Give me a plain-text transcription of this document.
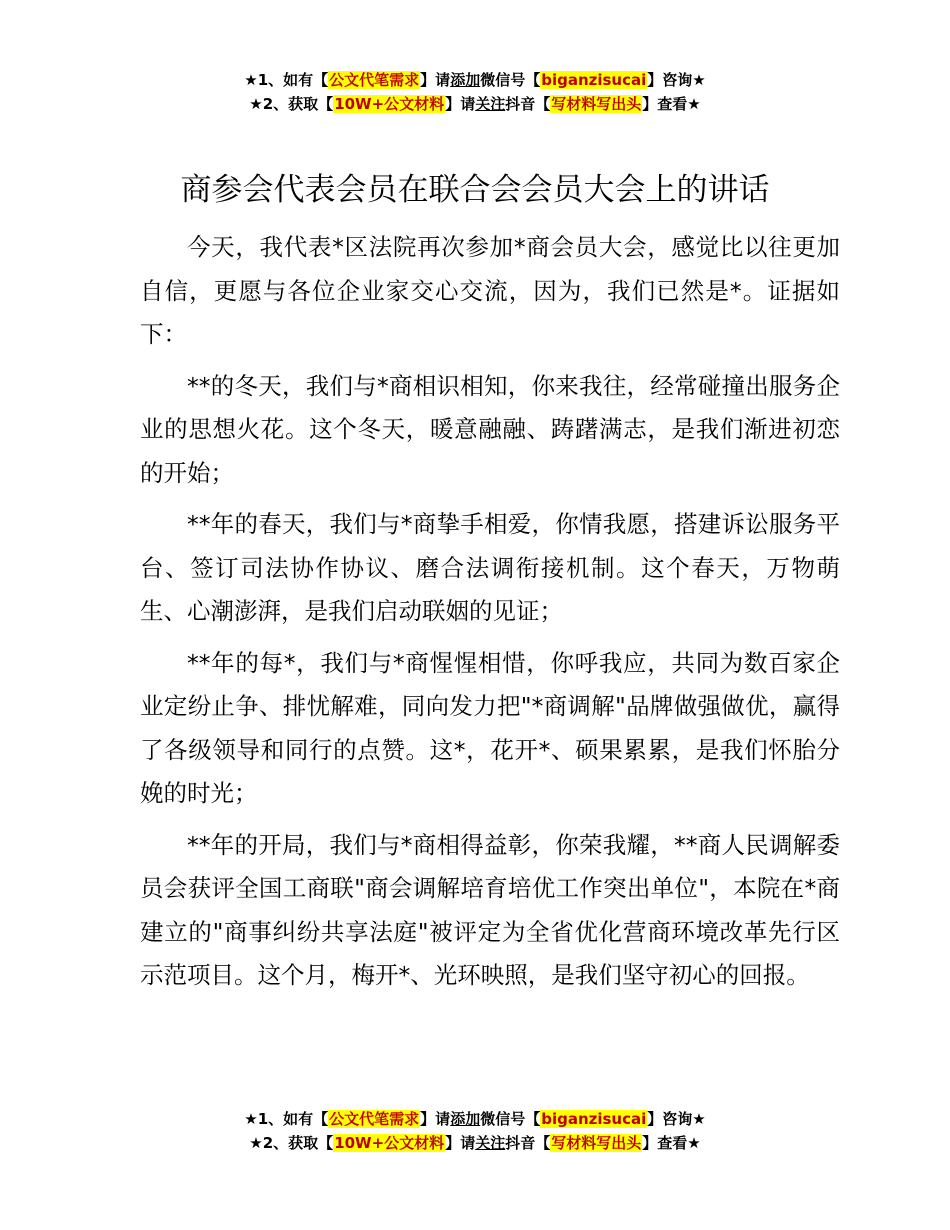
★1、如有【公文代笔需求】请添加微信号【biganzisucai】咨询★
★2、获取【10W+公文材料】请关注抖音【写材料写出头】查看★
商参会代表会员在联合会会员大会上的讲话

今天，我代表*区法院再次参加*商会员大会，感觉比以往更加自信，更愿与各位企业家交心交流，因为，我们已然是*。证据如下：

**的冬天，我们与*商相识相知，你来我往，经常碰撞出服务企业的思想火花。这个冬天，暖意融融、踌躇满志，是我们渐进初恋的开始；

**年的春天，我们与*商挚手相爱，你情我愿，搭建诉讼服务平台、签订司法协作协议、磨合法调衔接机制。这个春天，万物萌生、心潮澎湃，是我们启动联姻的见证；

**年的每*，我们与*商惺惺相惜，你呼我应，共同为数百家企业定纷止争、排忧解难，同向发力把"*商调解"品牌做强做优，赢得了各级领导和同行的点赞。这*，花开*、硕果累累，是我们怀胎分娩的时光；

**年的开局，我们与*商相得益彰，你荣我耀，**商人民调解委员会获评全国工商联"商会调解培育培优工作突出单位"，本院在*商建立的"商事纠纷共享法庭"被评定为全省优化营商环境改革先行区示范项目。这个月，梅开*、光环映照，是我们坚守初心的回报。

★1、如有【公文代笔需求】请添加微信号【biganzisucai】咨询★
★2、获取【10W+公文材料】请关注抖音【写材料写出头】查看★
